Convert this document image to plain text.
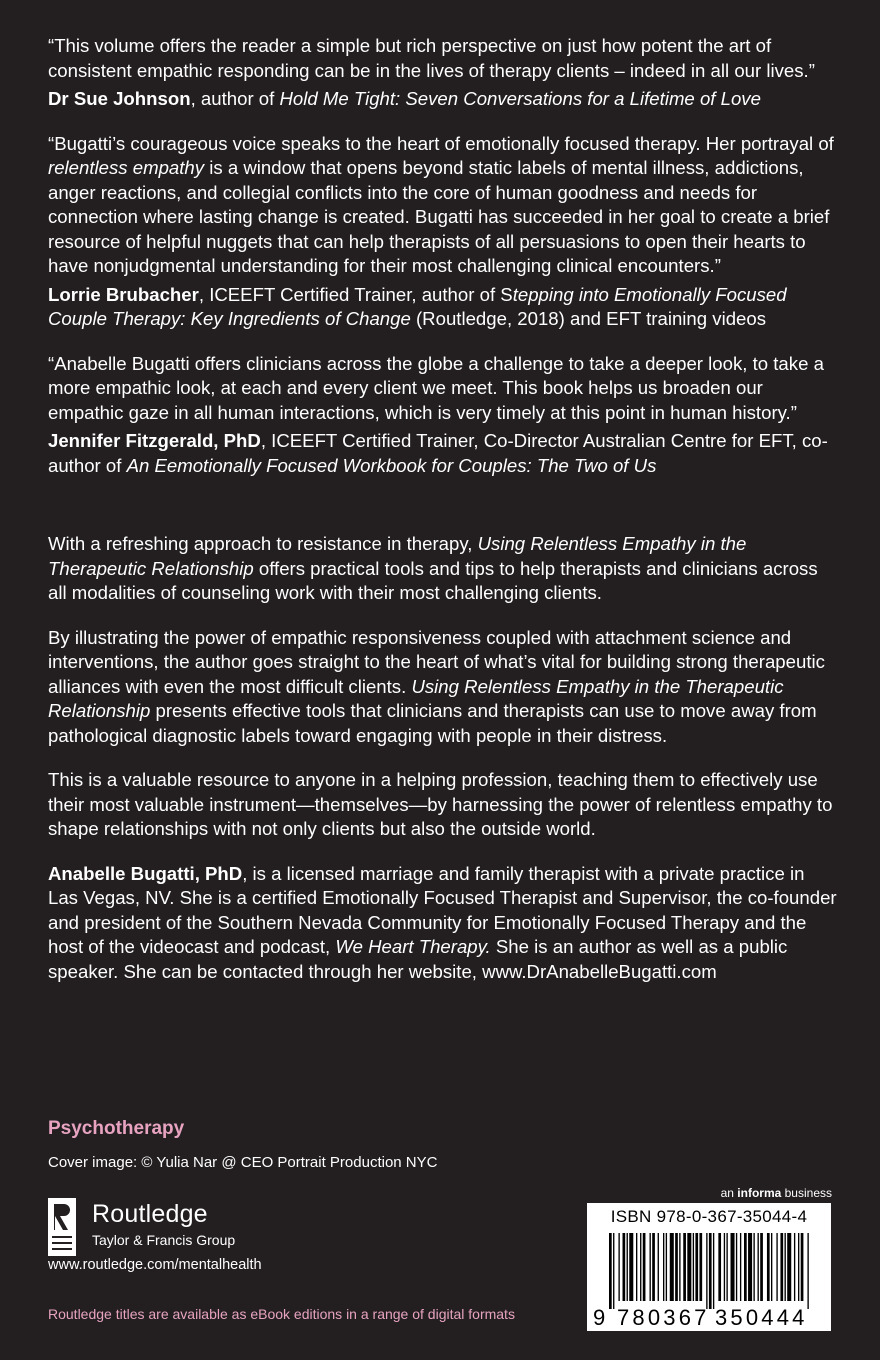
“This volume offers the reader a simple but rich perspective on just how potent the art of consistent empathic responding can be in the lives of therapy clients – indeed in all our lives.”

Dr Sue Johnson, author of Hold Me Tight: Seven Conversations for a Lifetime of Love

“Bugatti’s courageous voice speaks to the heart of emotionally focused therapy. Her portrayal of relentless empathy is a window that opens beyond static labels of mental illness, addictions, anger reactions, and collegial conflicts into the core of human goodness and needs for connection where lasting change is created. Bugatti has succeeded in her goal to create a brief resource of helpful nuggets that can help therapists of all persuasions to open their hearts to have nonjudgmental understanding for their most challenging clinical encounters.”

Lorrie Brubacher, ICEEFT Certified Trainer, author of Stepping into Emotionally Focused Couple Therapy: Key Ingredients of Change (Routledge, 2018) and EFT training videos

“Anabelle Bugatti offers clinicians across the globe a challenge to take a deeper look, to take a more empathic look, at each and every client we meet. This book helps us broaden our empathic gaze in all human interactions, which is very timely at this point in human history.”

Jennifer Fitzgerald, PhD, ICEEFT Certified Trainer, Co-Director Australian Centre for EFT, co-author of An Eemotionally Focused Workbook for Couples: The Two of Us

With a refreshing approach to resistance in therapy, Using Relentless Empathy in the Therapeutic Relationship offers practical tools and tips to help therapists and clinicians across all modalities of counseling work with their most challenging clients.

By illustrating the power of empathic responsiveness coupled with attachment science and interventions, the author goes straight to the heart of what’s vital for building strong therapeutic alliances with even the most difficult clients. Using Relentless Empathy in the Therapeutic Relationship presents effective tools that clinicians and therapists can use to move away from pathological diagnostic labels toward engaging with people in their distress.

This is a valuable resource to anyone in a helping profession, teaching them to effectively use their most valuable instrument—themselves—by harnessing the power of relentless empathy to shape relationships with not only clients but also the outside world.

Anabelle Bugatti, PhD, is a licensed marriage and family therapist with a private practice in Las Vegas, NV. She is a certified Emotionally Focused Therapist and Supervisor, the co-founder and president of the Southern Nevada Community for Emotionally Focused Therapy and the host of the videocast and podcast, We Heart Therapy. She is an author as well as a public speaker. She can be contacted through her website, www.DrAnabelleBugatti.com

Psychotherapy
Cover image: © Yulia Nar @ CEO Portrait Production NYC
Routledge
Taylor & Francis Group
www.routledge.com/mentalhealth
Routledge titles are available as eBook editions in a range of digital formats
an informa business
ISBN 978-0-367-35044-4
9 780367 350444
